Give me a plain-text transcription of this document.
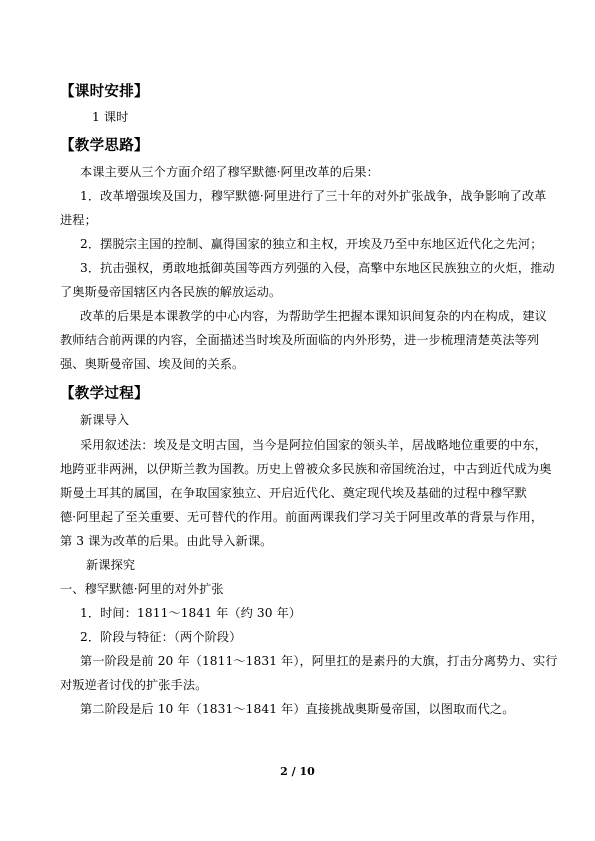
【课时安排】
1 课时
【教学思路】
本课主要从三个方面介绍了穆罕默德·阿里改革的后果：
1．改革增强埃及国力，穆罕默德·阿里进行了三十年的对外扩张战争，战争影响了改革
进程；
2．摆脱宗主国的控制、赢得国家的独立和主权，开埃及乃至中东地区近代化之先河；
3．抗击强权，勇敢地抵御英国等西方列强的入侵，高擎中东地区民族独立的火炬，推动
了奥斯曼帝国辖区内各民族的解放运动。
改革的后果是本课教学的中心内容，为帮助学生把握本课知识间复杂的内在构成，建议
教师结合前两课的内容，全面描述当时埃及所面临的内外形势，进一步梳理清楚英法等列
强、奥斯曼帝国、埃及间的关系。
【教学过程】
新课导入
采用叙述法：埃及是文明古国，当今是阿拉伯国家的领头羊，居战略地位重要的中东，
地跨亚非两洲，以伊斯兰教为国教。历史上曾被众多民族和帝国统治过，中古到近代成为奥
斯曼土耳其的属国，在争取国家独立、开启近代化、奠定现代埃及基础的过程中穆罕默
德·阿里起了至关重要、无可替代的作用。前面两课我们学习关于阿里改革的背景与作用，
第 3 课为改革的后果。由此导入新课。
新课探究
一、穆罕默德·阿里的对外扩张
1．时间：1811～1841 年（约 30 年）
2．阶段与特征：（两个阶段）
第一阶段是前 20 年（1811～1831 年），阿里扛的是素丹的大旗，打击分离势力、实行
对叛逆者讨伐的扩张手法。
第二阶段是后 10 年（1831～1841 年）直接挑战奥斯曼帝国，以图取而代之。
2 / 10
